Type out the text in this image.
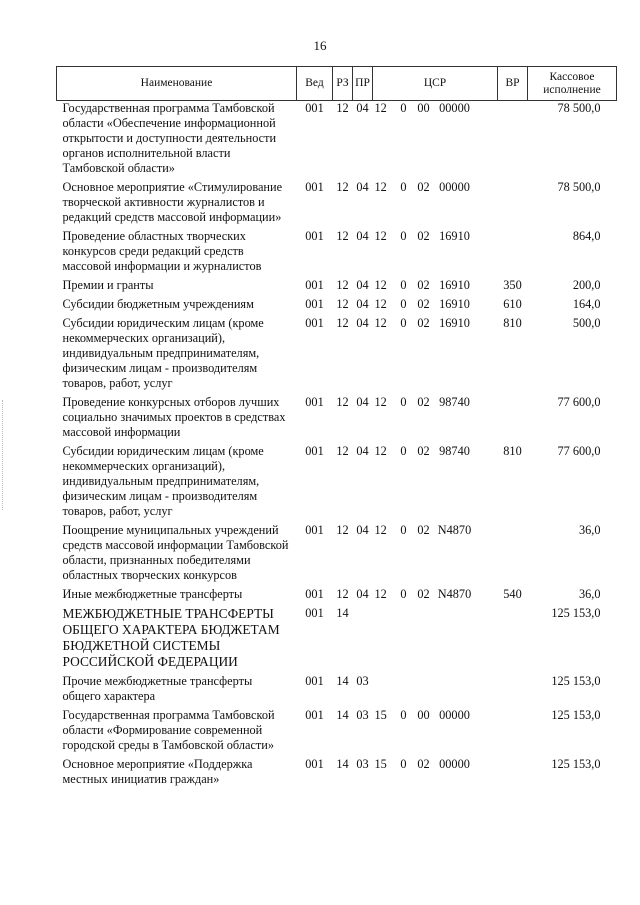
16
Наименование	Вед	РЗ	ПР	ЦСР	ВР	Кассовое исполнение
Государственная программа Тамбовской области «Обеспечение информационной открытости и доступности деятельности органов исполнительной власти Тамбовской области»	001	12	04	12 0 00 00000		78 500,0
Основное мероприятие «Стимулирование творческой активности журналистов и редакций средств массовой информации»	001	12	04	12 0 02 00000		78 500,0
Проведение областных творческих конкурсов среди редакций средств массовой информации и журналистов	001	12	04	12 0 02 16910		864,0
Премии и гранты	001	12	04	12 0 02 16910	350	200,0
Субсидии бюджетным учреждениям	001	12	04	12 0 02 16910	610	164,0
Субсидии юридическим лицам (кроме некоммерческих организаций), индивидуальным предпринимателям, физическим лицам - производителям товаров, работ, услуг	001	12	04	12 0 02 16910	810	500,0
Проведение конкурсных отборов лучших социально значимых проектов в средствах массовой информации	001	12	04	12 0 02 98740		77 600,0
Субсидии юридическим лицам (кроме некоммерческих организаций), индивидуальным предпринимателям, физическим лицам - производителям товаров, работ, услуг	001	12	04	12 0 02 98740	810	77 600,0
Поощрение муниципальных учреждений средств массовой информации Тамбовской области, признанных победителями областных творческих конкурсов	001	12	04	12 0 02 N4870		36,0
Иные межбюджетные трансферты	001	12	04	12 0 02 N4870	540	36,0
МЕЖБЮДЖЕТНЫЕ ТРАНСФЕРТЫ ОБЩЕГО ХАРАКТЕРА БЮДЖЕТАМ БЮДЖЕТНОЙ СИСТЕМЫ РОССИЙСКОЙ ФЕДЕРАЦИИ	001	14				125 153,0
Прочие межбюджетные трансферты общего характера	001	14	03			125 153,0
Государственная программа Тамбовской области «Формирование современной городской среды в Тамбовской области»	001	14	03	15 0 00 00000		125 153,0
Основное мероприятие «Поддержка местных инициатив граждан»	001	14	03	15 0 02 00000		125 153,0
